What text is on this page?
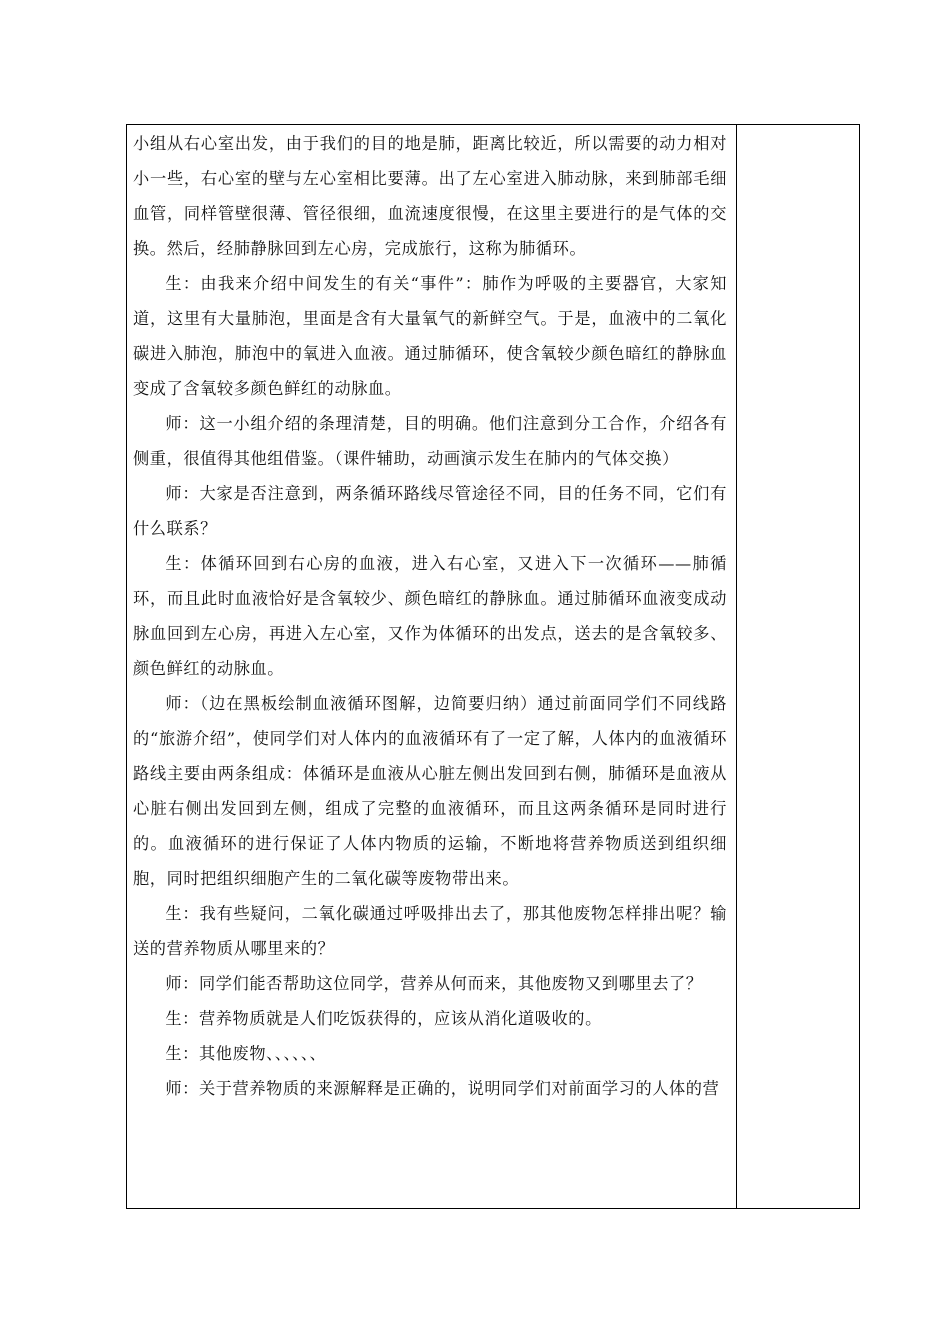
小组从右心室出发，由于我们的目的地是肺，距离比较近，所以需要的动力相对小一些，右心室的壁与左心室相比要薄。出了左心室进入肺动脉，来到肺部毛细血管，同样管壁很薄、管径很细，血流速度很慢，在这里主要进行的是气体的交换。然后，经肺静脉回到左心房，完成旅行，这称为肺循环。

生：由我来介绍中间发生的有关“事件”：肺作为呼吸的主要器官，大家知道，这里有大量肺泡，里面是含有大量氧气的新鲜空气。于是，血液中的二氧化碳进入肺泡，肺泡中的氧进入血液。通过肺循环，使含氧较少颜色暗红的静脉血变成了含氧较多颜色鲜红的动脉血。

师：这一小组介绍的条理清楚，目的明确。他们注意到分工合作，介绍各有侧重，很值得其他组借鉴。（课件辅助，动画演示发生在肺内的气体交换）

师：大家是否注意到，两条循环路线尽管途径不同，目的任务不同，它们有什么联系？

生：体循环回到右心房的血液，进入右心室，又进入下一次循环——肺循环，而且此时血液恰好是含氧较少、颜色暗红的静脉血。通过肺循环血液变成动脉血回到左心房，再进入左心室，又作为体循环的出发点，送去的是含氧较多、颜色鲜红的动脉血。

师：（边在黑板绘制血液循环图解，边简要归纳）通过前面同学们不同线路的“旅游介绍”，使同学们对人体内的血液循环有了一定了解，人体内的血液循环路线主要由两条组成：体循环是血液从心脏左侧出发回到右侧，肺循环是血液从心脏右侧出发回到左侧，组成了完整的血液循环，而且这两条循环是同时进行的。血液循环的进行保证了人体内物质的运输，不断地将营养物质送到组织细胞，同时把组织细胞产生的二氧化碳等废物带出来。

生：我有些疑问，二氧化碳通过呼吸排出去了，那其他废物怎样排出呢？输送的营养物质从哪里来的？

师：同学们能否帮助这位同学，营养从何而来，其他废物又到哪里去了？

生：营养物质就是人们吃饭获得的，应该从消化道吸收的。

生：其他废物、、、、、、

师：关于营养物质的来源解释是正确的，说明同学们对前面学习的人体的营
